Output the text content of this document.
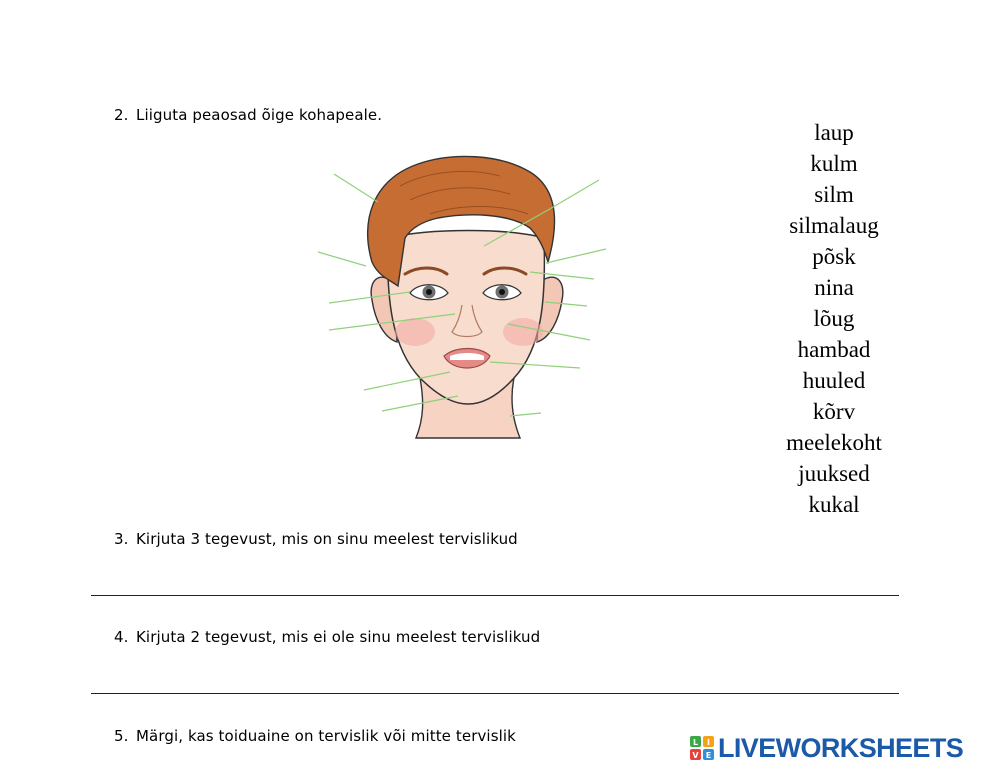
2. Liiguta peaosad õige kohapeale.
laup
kulm
silm
silmalaug
põsk
nina
lõug
hambad
huuled
kõrv
meelekoht
juuksed
kukal
3. Kirjuta 3 tegevust, mis on sinu meelest tervislikud
4. Kirjuta 2 tegevust, mis ei ole sinu meelest tervislikud
5. Märgi, kas toiduaine on tervislik või mitte tervislik	L I
V E LIVEWORKSHEETS
